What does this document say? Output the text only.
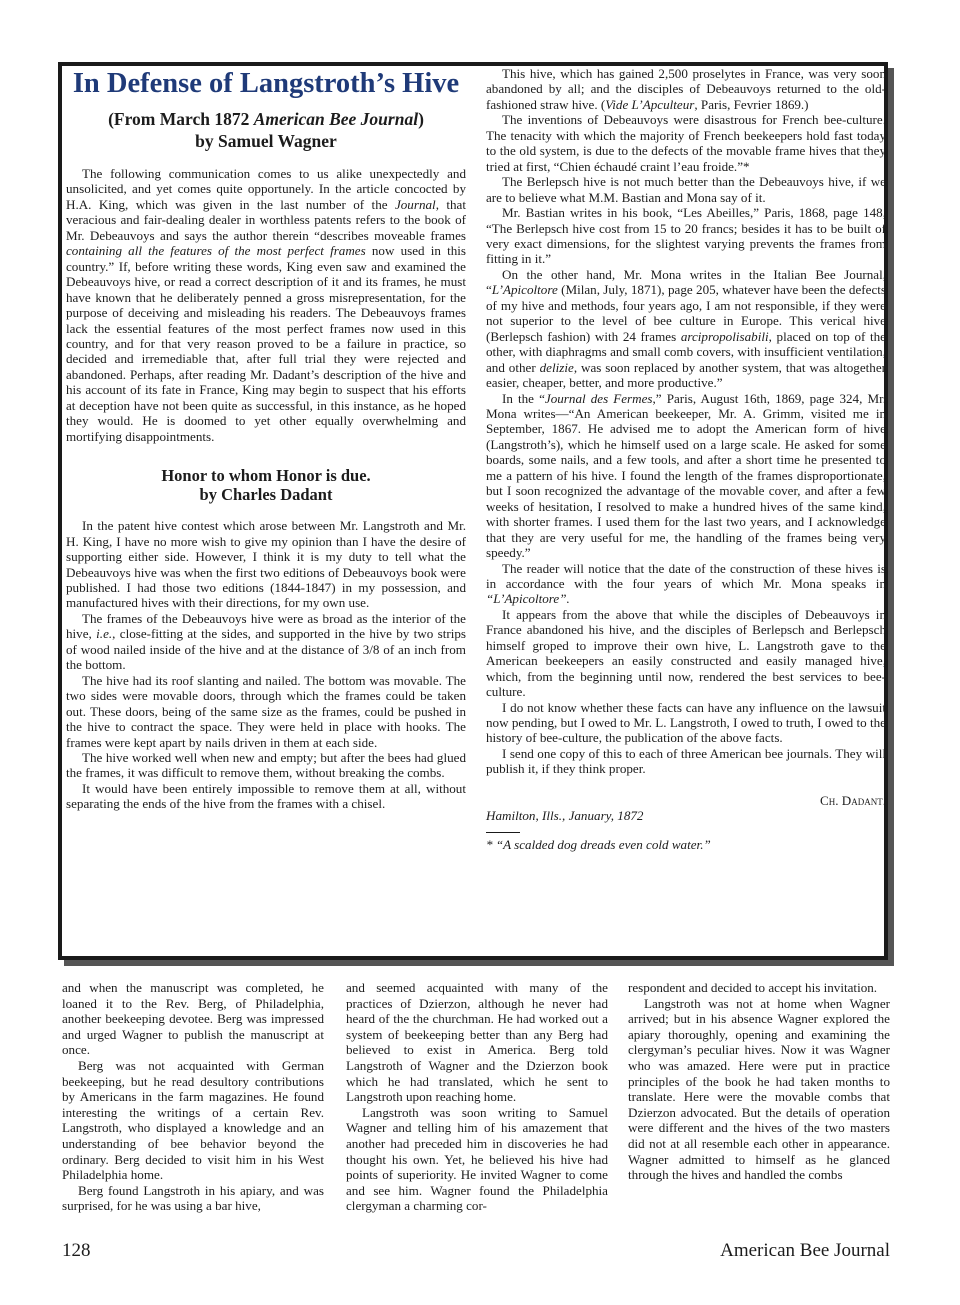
In Defense of Langstroth’s Hive
(From March 1872 American Bee Journal)
by Samuel Wagner

The following communication comes to us alike unexpectedly and unsolicited, and yet comes quite opportunely. In the article concocted by H.A. King, which was given in the last number of the Journal, that veracious and fair-dealing dealer in worthless patents refers to the book of Mr. Debeauvoys and says the author therein “describes moveable frames containing all the features of the most perfect frames now used in this country.” If, before writing these words, King even saw and examined the Debeauvoys hive, or read a correct description of it and its frames, he must have known that he deliberately penned a gross misrepresentation, for the purpose of deceiving and misleading his readers. The Debeauvoys frames lack the essential features of the most perfect frames now used in this country, and for that very reason proved to be a failure in practice, so decided and irremediable that, after full trial they were rejected and abandoned. Perhaps, after reading Mr. Dadant’s description of the hive and his account of its fate in France, King may begin to suspect that his efforts at deception have not been quite as successful, in this instance, as he hoped they would. He is doomed to yet other equally overwhelming and mortifying disappointments.

Honor to whom Honor is due.
by Charles Dadant

In the patent hive contest which arose between Mr. Langstroth and Mr. H. King, I have no more wish to give my opinion than I have the desire of supporting either side. However, I think it is my duty to tell what the Debeauvoys hive was when the first two editions of Debeauvoys book were published. I had those two editions (1844-1847) in my possession, and manufactured hives with their directions, for my own use.

The frames of the Debeauvoys hive were as broad as the interior of the hive, i.e., close-fitting at the sides, and supported in the hive by two strips of wood nailed inside of the hive and at the distance of 3/8 of an inch from the bottom.

The hive had its roof slanting and nailed. The bottom was movable. The two sides were movable doors, through which the frames could be taken out. These doors, being of the same size as the frames, could be pushed in the hive to contract the space. They were held in place with hooks. The frames were kept apart by nails driven in them at each side.

The hive worked well when new and empty; but after the bees had glued the frames, it was difficult to remove them, without breaking the combs.

It would have been entirely impossible to remove them at all, without separating the ends of the hive from the frames with a chisel.

This hive, which has gained 2,500 proselytes in France, was very soon abandoned by all; and the disciples of Debeauvoys returned to the old-fashioned straw hive. (Vide L’Apculteur, Paris, Fevrier 1869.)

The inventions of Debeauvoys were disastrous for French bee-culture. The tenacity with which the majority of French beekeepers hold fast today to the old system, is due to the defects of the movable frame hives that they tried at first, “Chien échaudé craint l’eau froide.”*

The Berlepsch hive is not much better than the Debeauvoys hive, if we are to believe what M.M. Bastian and Mona say of it.

Mr. Bastian writes in his book, “Les Abeilles,” Paris, 1868, page 148, “The Berlepsch hive cost from 15 to 20 francs; besides it has to be built of very exact dimensions, for the slightest varying prevents the frames from fitting in it.”

On the other hand, Mr. Mona writes in the Italian Bee Journal, “L’Apicoltore (Milan, July, 1871), page 205, whatever have been the defects of my hive and methods, four years ago, I am not responsible, if they were not superior to the level of bee culture in Europe. This verical hive (Berlepsch fashion) with 24 frames arcipropolisabili, placed on top of the other, with diaphragms and small comb covers, with insufficient ventilation, and other delizie, was soon replaced by another system, that was altogether easier, cheaper, better, and more productive.”

In the “Journal des Fermes,” Paris, August 16th, 1869, page 324, Mr. Mona writes—“An American beekeeper, Mr. A. Grimm, visited me in September, 1867. He advised me to adopt the American form of hive (Langstroth’s), which he himself used on a large scale. He asked for some boards, some nails, and a few tools, and after a short time he presented to me a pattern of his hive. I found the length of the frames disproportionate, but I soon recognized the advantage of the movable cover, and after a few weeks of hesitation, I resolved to make a hundred hives of the same kind, with shorter frames. I used them for the last two years, and I acknowledge that they are very useful for me, the handling of the frames being very speedy.”

The reader will notice that the date of the construction of these hives is in accordance with the four years of which Mr. Mona speaks in “L’Apicoltore”.

It appears from the above that while the disciples of Debeauvoys in France abandoned his hive, and the disciples of Berlepsch and Berlepsch himself groped to improve their own hive, L. Langstroth gave to the American beekeepers an easily constructed and easily managed hive, which, from the beginning until now, rendered the best services to bee-culture.

I do not know whether these facts can have any influence on the lawsuit now pending, but I owed to Mr. L. Langstroth, I owed to truth, I owed to the history of bee-culture, the publication of the above facts.

I send one copy of this to each of three American bee journals. They will publish it, if they think proper.

Ch. Dadant.
Hamilton, Ills., January, 1872
* “A scalded dog dreads even cold water.”

and when the manuscript was completed, he loaned it to the Rev. Berg, of Philadelphia, another beekeeping devotee. Berg was impressed and urged Wagner to publish the manuscript at once.

Berg was not acquainted with German beekeeping, but he read desultory contributions by Americans in the farm magazines. He found interesting the writings of a certain Rev. Langstroth, who displayed a knowledge and an understanding of bee behavior beyond the ordinary. Berg decided to visit him in his West Philadelphia home.

Berg found Langstroth in his apiary, and was surprised, for he was using a bar hive,

and seemed acquainted with many of the practices of Dzierzon, although he never had heard of the the churchman. He had worked out a system of beekeeping better than any Berg had believed to exist in America. Berg told Langstroth of Wagner and the Dzierzon book which he had translated, which he sent to Langstroth upon reaching home.

Langstroth was soon writing to Samuel Wagner and telling him of his amazement that another had preceded him in discoveries he had thought his own. Yet, he believed his hive had points of superiority. He invited Wagner to come and see him. Wagner found the Philadelphia clergyman a charming cor-

respondent and decided to accept his invitation.

Langstroth was not at home when Wagner arrived; but in his absence Wagner explored the apiary thoroughly, opening and examining the clergyman’s peculiar hives. Now it was Wagner who was amazed. Here were put in practice principles of the book he had taken months to translate. Here were the movable combs that Dzierzon advocated. But the details of operation were different and the hives of the two masters did not at all resemble each other in appearance. Wagner admitted to himself as he glanced through the hives and handled the combs

128	American Bee Journal
